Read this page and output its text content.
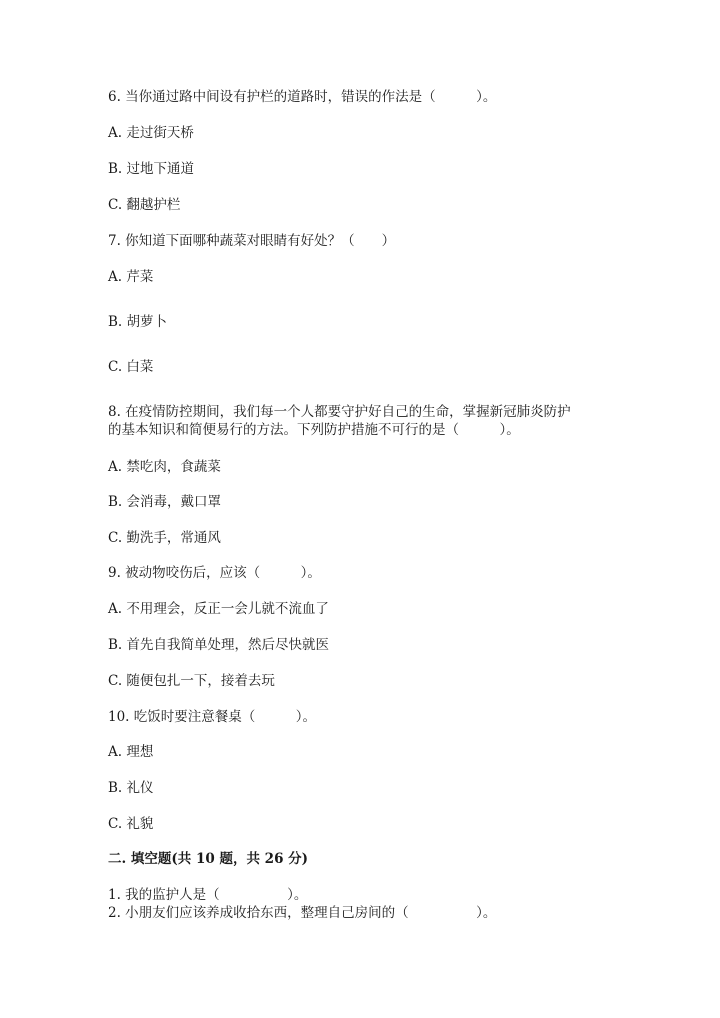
6. 当你通过路中间设有护栏的道路时，错误的作法是（　　　）。
A. 走过街天桥
B. 过地下通道
C. 翻越护栏
7. 你知道下面哪种蔬菜对眼睛有好处？（　　）
A. 芹菜
B. 胡萝卜
C. 白菜
8. 在疫情防控期间，我们每一个人都要守护好自己的生命，掌握新冠肺炎防护
的基本知识和简便易行的方法。下列防护措施不可行的是（　　　）。
A. 禁吃肉，食蔬菜
B. 会消毒，戴口罩
C. 勤洗手，常通风
9. 被动物咬伤后，应该（　　　）。
A. 不用理会，反正一会儿就不流血了
B. 首先自我简单处理，然后尽快就医
C. 随便包扎一下，接着去玩
10. 吃饭时要注意餐桌（　　　）。
A. 理想
B. 礼仪
C. 礼貌
二. 填空题(共 10 题，共 26 分)
1. 我的监护人是（　　　　　）。
2. 小朋友们应该养成收拾东西，整理自己房间的（　　　　　）。
